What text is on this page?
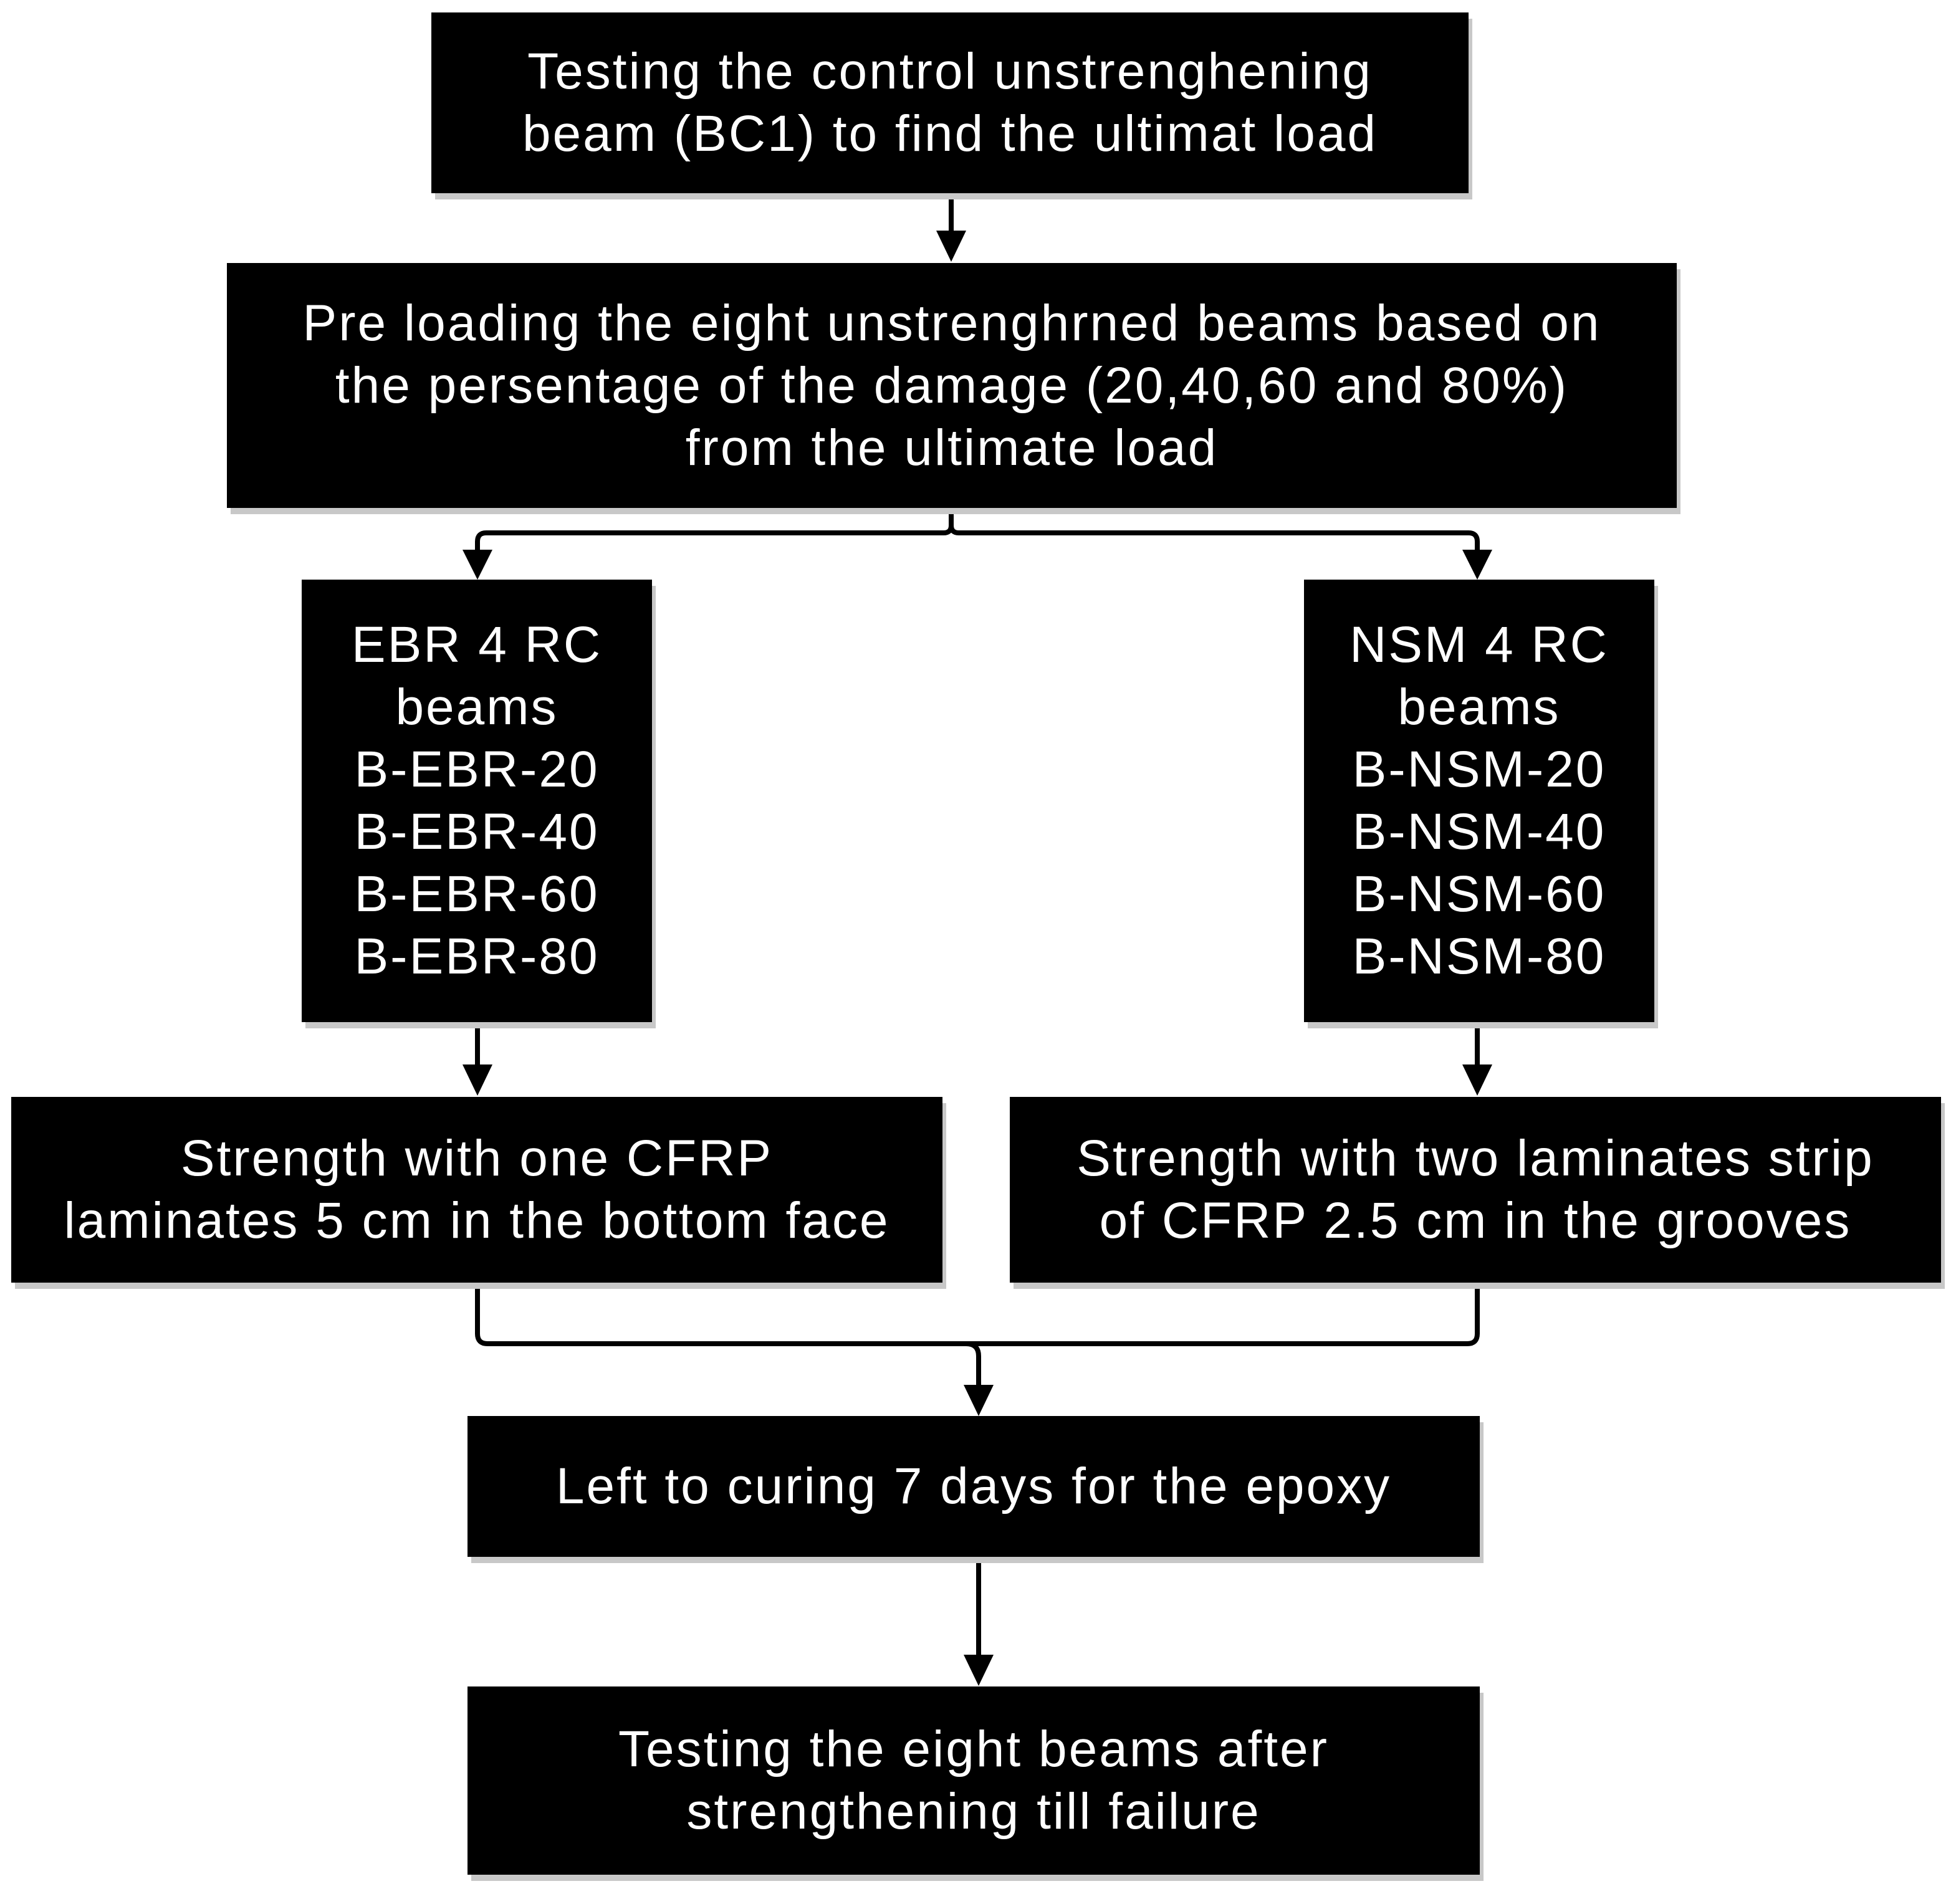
Testing the control unstrenghening
beam (BC1) to find the ultimat load
Pre loading the eight unstrenghrned beams based on
the persentage of the damage (20,40,60 and 80%)
from the ultimate load
EBR 4 RC
beams
B-EBR-20
B-EBR-40
B-EBR-60
B-EBR-80
NSM 4 RC
beams
B-NSM-20
B-NSM-40
B-NSM-60
B-NSM-80
Strength with one CFRP
laminates 5 cm in the bottom face
Strength with two laminates strip
of CFRP 2.5 cm in the grooves
Left to curing 7 days for the epoxy
Testing the eight beams after
strengthening till failure
